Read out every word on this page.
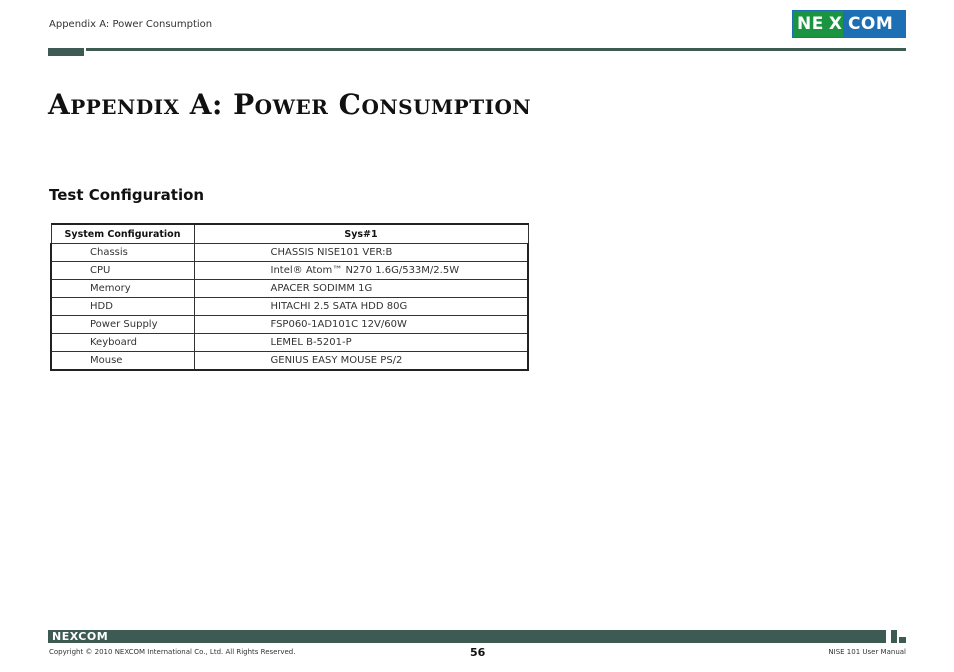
Appendix A: Power Consumption	NE X COM
Appendix A: Power Consumption
Test Configuration
System Configuration	Sys#1
Chassis	CHASSIS NISE101 VER:B
CPU	Intel® Atom™ N270 1.6G/533M/2.5W
Memory	APACER SODIMM 1G
HDD	HITACHI 2.5 SATA HDD 80G
Power Supply	FSP060-1AD101C 12V/60W
Keyboard	LEMEL B-5201-P
Mouse	GENIUS EASY MOUSE PS/2
NEXCOM
Copyright © 2010 NEXCOM International Co., Ltd. All Rights Reserved.	56	NISE 101 User Manual
